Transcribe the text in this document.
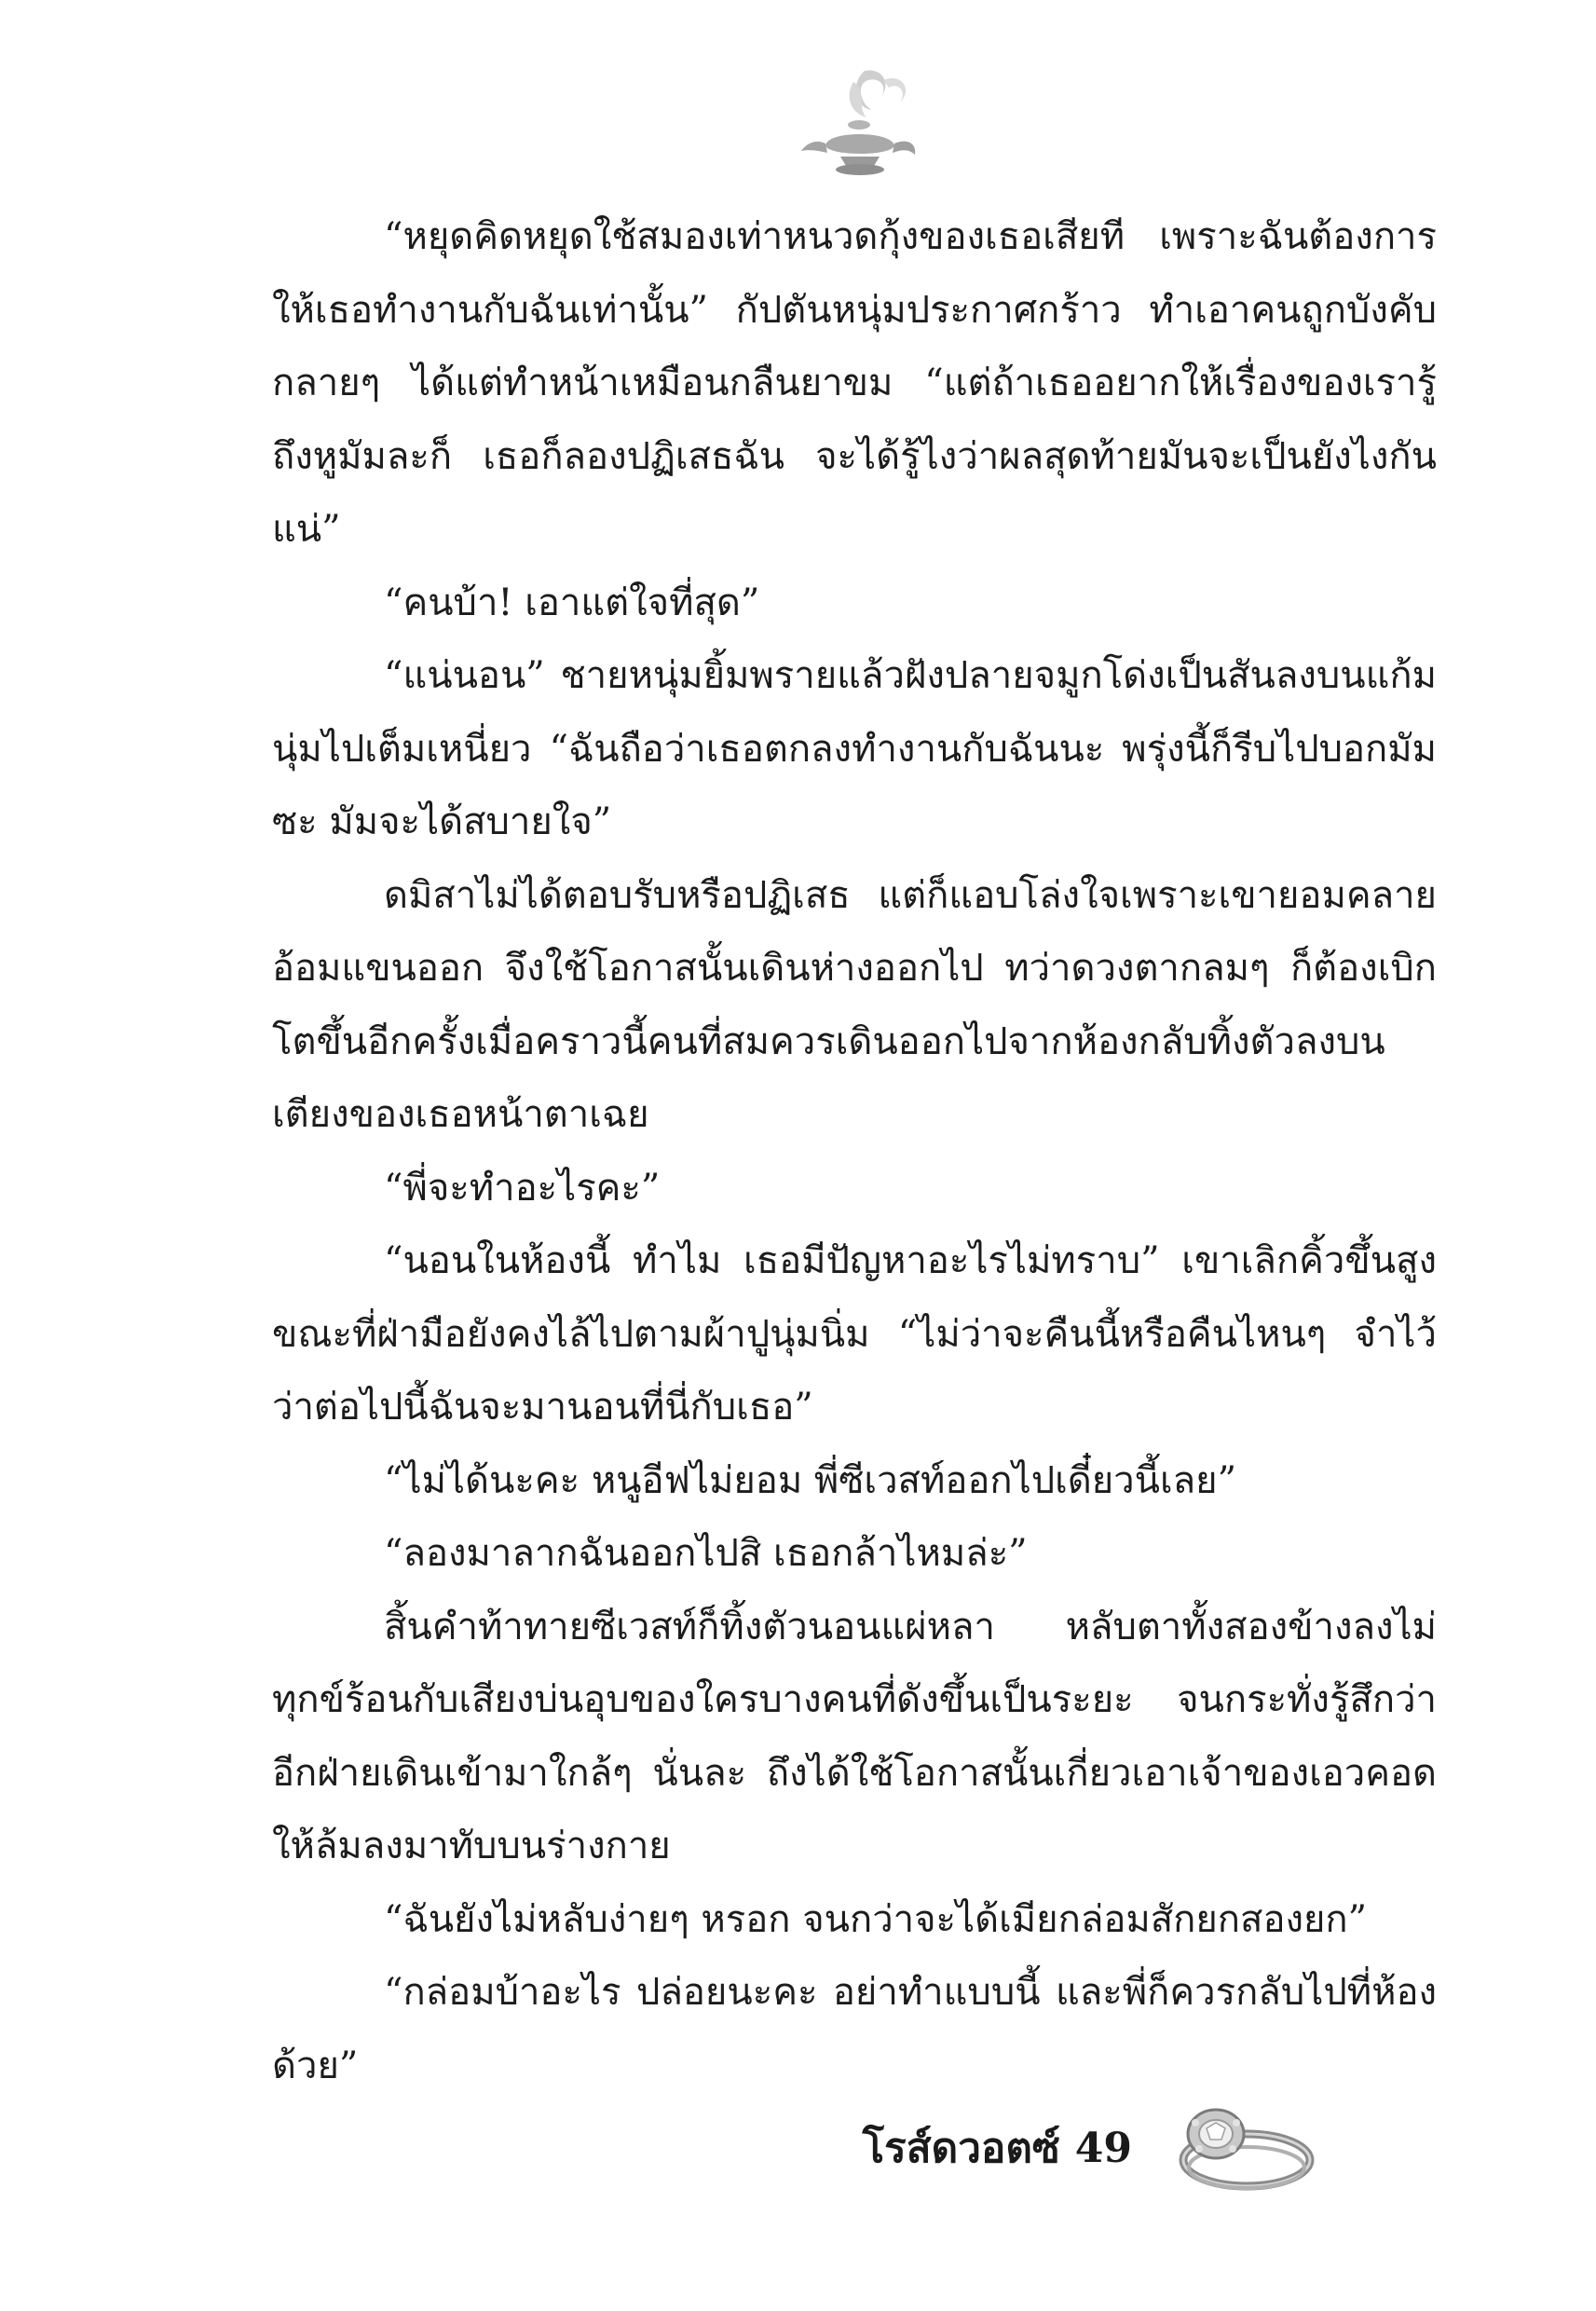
“หยุดคิดหยุดใช้สมองเท่าหนวดกุ้งของเธอเสียที เพราะฉันต้องการให้เธอทำงานกับฉันเท่านั้น” กัปตันหนุ่มประกาศกร้าว ทำเอาคนถูกบังคับกลายๆ ได้แต่ทำหน้าเหมือนกลืนยาขม “แต่ถ้าเธออยากให้เรื่องของเรารู้ถึงหูมัมละก็ เธอก็ลองปฏิเสธฉัน จะได้รู้ไงว่าผลสุดท้ายมันจะเป็นยังไงกันแน่”

“คนบ้า! เอาแต่ใจที่สุด”

“แน่นอน” ชายหนุ่มยิ้มพรายแล้วฝังปลายจมูกโด่งเป็นสันลงบนแก้มนุ่มไปเต็มเหนี่ยว “ฉันถือว่าเธอตกลงทำงานกับฉันนะ พรุ่งนี้ก็รีบไปบอกมัมซะ มัมจะได้สบายใจ”

ดมิสาไม่ได้ตอบรับหรือปฏิเสธ แต่ก็แอบโล่งใจเพราะเขายอมคลายอ้อมแขนออก จึงใช้โอกาสนั้นเดินห่างออกไป ทว่าดวงตากลมๆ ก็ต้องเบิกโตขึ้นอีกครั้งเมื่อคราวนี้คนที่สมควรเดินออกไปจากห้องกลับทิ้งตัวลงบนเตียงของเธอหน้าตาเฉย

“พี่จะทำอะไรคะ”

“นอนในห้องนี้ ทำไม เธอมีปัญหาอะไรไม่ทราบ” เขาเลิกคิ้วขึ้นสูงขณะที่ฝ่ามือยังคงไล้ไปตามผ้าปูนุ่มนิ่ม “ไม่ว่าจะคืนนี้หรือคืนไหนๆ จำไว้ว่าต่อไปนี้ฉันจะมานอนที่นี่กับเธอ”

“ไม่ได้นะคะ หนูอีฟไม่ยอม พี่ซีเวสท์ออกไปเดี๋ยวนี้เลย”

“ลองมาลากฉันออกไปสิ เธอกล้าไหมล่ะ”

สิ้นคำท้าทายซีเวสท์ก็ทิ้งตัวนอนแผ่หลา หลับตาทั้งสองข้างลงไม่ทุกข์ร้อนกับเสียงบ่นอุบของใครบางคนที่ดังขึ้นเป็นระยะ จนกระทั่งรู้สึกว่าอีกฝ่ายเดินเข้ามาใกล้ๆ นั่นละ ถึงได้ใช้โอกาสนั้นเกี่ยวเอาเจ้าของเอวคอดให้ล้มลงมาทับบนร่างกาย

“ฉันยังไม่หลับง่ายๆ หรอก จนกว่าจะได้เมียกล่อมสักยกสองยก”

“กล่อมบ้าอะไร ปล่อยนะคะ อย่าทำแบบนี้ และพี่ก็ควรกลับไปที่ห้องด้วย”

โรส์ดวอตซ์ 49
